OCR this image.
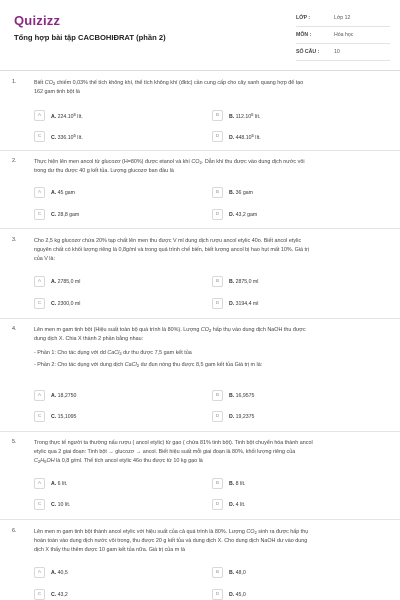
Quizizz
Tổng hợp bài tập CACBOHIĐRAT (phần 2)
LỚP :	Lớp 12
MÔN :	Hóa học
SỐ CÂU :	10
1.	Biết $CO_2$ chiếm 0,03% thể tích không khí, thể tích không khí (đktc) cần cung cấp cho cây xanh quang hợp để tạo
162 gam tinh bột là
A	A. 224.10$^5$ lít.	B	B. 112.10$^5$ lít.
C	C. 336.10$^5$ lít.	D	D. 448.10$^5$ lít.
2.	Thực hiện lên men ancol từ glucozơ (H=80%) được etanol và khí $CO_2$. Dẫn khí thu được vào dung dịch nước vôi
trong dư thu được 40 g kết tủa. Lượng glucozơ ban đầu là
A	A. 45 gam	B	B. 36 gam
C	C. 28,8 gam	D	D. 43,2 gam
3.	Cho 2,5 kg glucozơ chứa 20% tạp chất lên men thu được V ml dung dịch rượu ancol etylic 40o. Biết ancol etylic
nguyên chất có khối lượng riêng là 0,8g/ml và trong quá trình chế biến, biết lượng ancol bị hao hụt mất 10%. Giá trị
của V là:
A	A. 2785,0 ml	B	B. 2875,0 ml
C	C. 2300,0 ml	D	D. 3194,4 ml
4.	Lên men m gam tinh bột (Hiệu suất toàn bộ quá trình là 80%). Lượng $CO_2$ hấp thụ vào dung dịch NaOH thu được
dung dịch X. Chia X thành 2 phần bằng nhau:
- Phần 1: Cho tác dụng với dd CaCl$_2$ dư thu được 7,5 gam kết tủa
- Phần 2: Cho tác dụng với dung dịch CaCl$_2$ dư đun nóng thu được 8,5 gam kết tủa Giá trị m là:
A	A. 18,2750	B	B. 16,9575
C	C. 15,1095	D	D. 19,2375
5.	Trong thực tế người ta thường nấu rượu ( ancol etylic) từ gạo ( chứa 81% tinh bột). Tinh bột chuyển hóa thành ancol
etylic qua 2 giai đoạn: Tinh bột → glucozơ → ancol. Biết hiệu suất mỗi giai đoạn là 80%, khối lượng riêng của
$C_2H_5OH$ là 0,8 g/ml. Thể tích ancol etylic 46o thu được từ 10 kg gạo là
A	A. 6 lít.	B	B. 8 lít.
C	C. 10 lít.	D	D. 4 lít.
6.	Lên men m gam tinh bột thành ancol etylic với hiệu suất của cả quá trình là 80%. Lượng $CO_2$ sinh ra được hấp thụ
hoàn toàn vào dung dịch nước vôi trong, thu được 20 g kết tủa và dung dịch X. Cho dung dịch NaOH dư vào dung
dịch X thấy thu thêm được 10 gam kết tủa nữa. Giá trị của m là
A	A. 40,5	B	B. 48,0
C	C. 43,2	D	D. 45,0
